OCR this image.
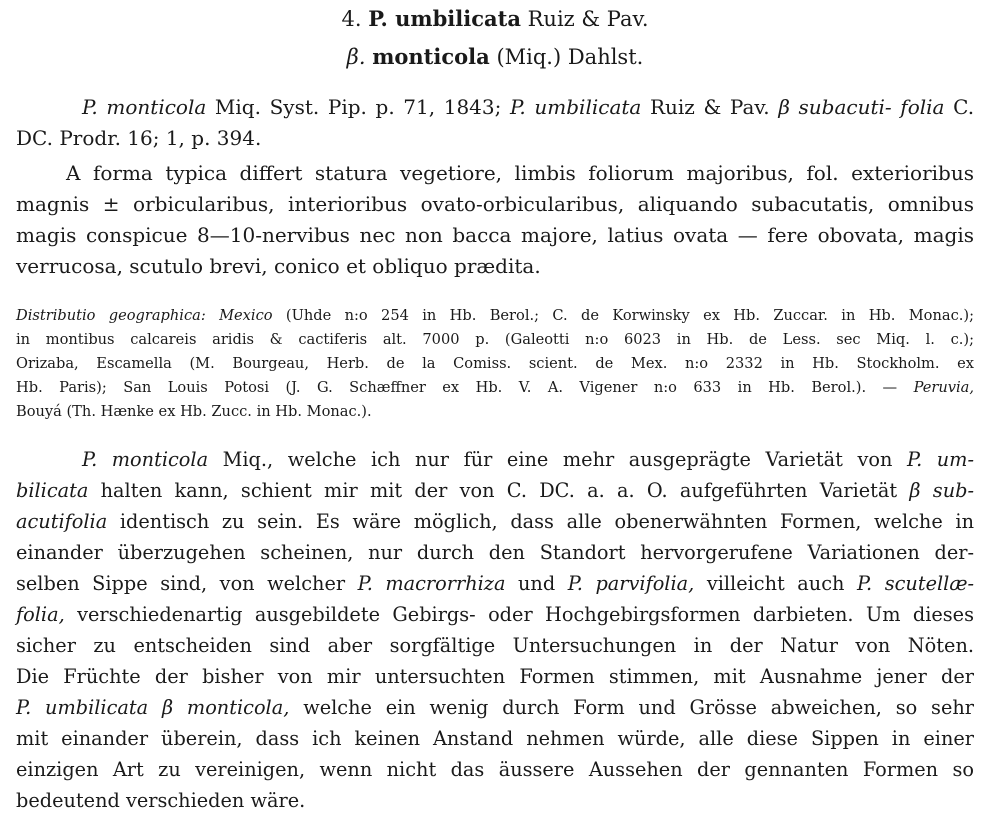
4. P. umbilicata Ruiz & Pav.

β. monticola (Miq.) Dahlst.

P. monticola Miq. Syst. Pip. p. 71, 1843; P. umbilicata Ruiz & Pav. β subacuti- folia C. DC. Prodr. 16; 1, p. 394.

A forma typica differt statura vegetiore, limbis foliorum majoribus, fol. exterioribus
magnis ± orbicularibus, interioribus ovato-orbicularibus, aliquando subacutatis, omnibus
magis conspicue 8—10-nervibus nec non bacca majore, latius ovata — fere obovata, magis
verrucosa, scutulo brevi, conico et obliquo prædita.
Distributio geographica: Mexico (Uhde n:o 254 in Hb. Berol.; C. de Korwinsky ex Hb. Zuccar. in Hb. Monac.);
in montibus calcareis aridis & cactiferis alt. 7000 p. (Galeotti n:o 6023 in Hb. de Less. sec Miq. l. c.);
Orizaba, Escamella (M. Bourgeau, Herb. de la Comiss. scient. de Mex. n:o 2332 in Hb. Stockholm. ex
Hb. Paris); San Louis Potosi (J. G. Schæffner ex Hb. V. A. Vigener n:o 633 in Hb. Berol.). — Peruvia,
Bouyá (Th. Hænke ex Hb. Zucc. in Hb. Monac.).
P. monticola Miq., welche ich nur für eine mehr ausgeprägte Varietät von P. um-
bilicata halten kann, schient mir mit der von C. DC. a. a. O. aufgeführten Varietät β sub-
acutifolia identisch zu sein. Es wäre möglich, dass alle obenerwähnten Formen, welche in
einander überzugehen scheinen, nur durch den Standort hervorgerufene Variationen der-
selben Sippe sind, von welcher P. macrorrhiza und P. parvifolia, villeicht auch P. scutellæ-
folia, verschiedenartig ausgebildete Gebirgs- oder Hochgebirgsformen darbieten. Um dieses
sicher zu entscheiden sind aber sorgfältige Untersuchungen in der Natur von Nöten.
Die Früchte der bisher von mir untersuchten Formen stimmen, mit Ausnahme jener der
P. umbilicata β monticola, welche ein wenig durch Form und Grösse abweichen, so sehr
mit einander überein, dass ich keinen Anstand nehmen würde, alle diese Sippen in einer
einzigen Art zu vereinigen, wenn nicht das äussere Aussehen der gennanten Formen so
bedeutend verschieden wäre.
